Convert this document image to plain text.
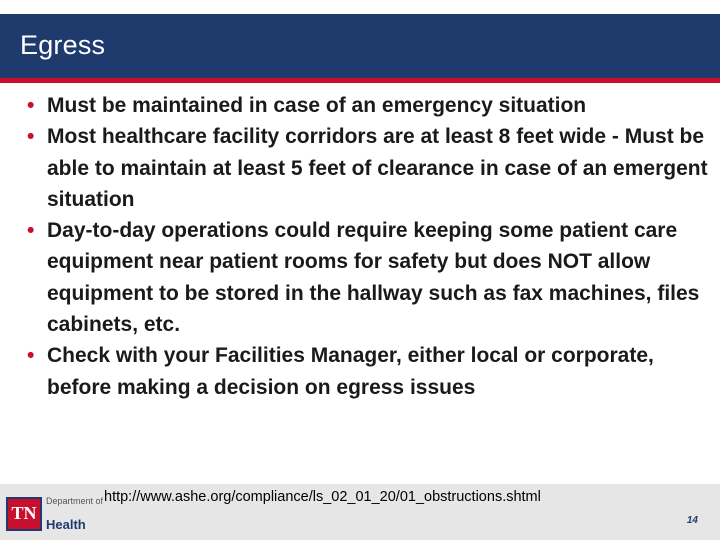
Egress
• Must be maintained in case of an emergency situation
• Most healthcare facility corridors are at least 8 feet wide - Must be able to maintain at least 5 feet of clearance in case of an emergent situation
• Day-to-day operations could require keeping some patient care equipment near patient rooms for safety but does NOT allow equipment to be stored in the hallway such as fax machines, files cabinets, etc.
• Check with your Facilities Manager, either local or corporate, before making a decision on egress issues
TN
Department of
Health
http://www.ashe.org/compliance/ls_02_01_20/01_obstructions.shtml
14
